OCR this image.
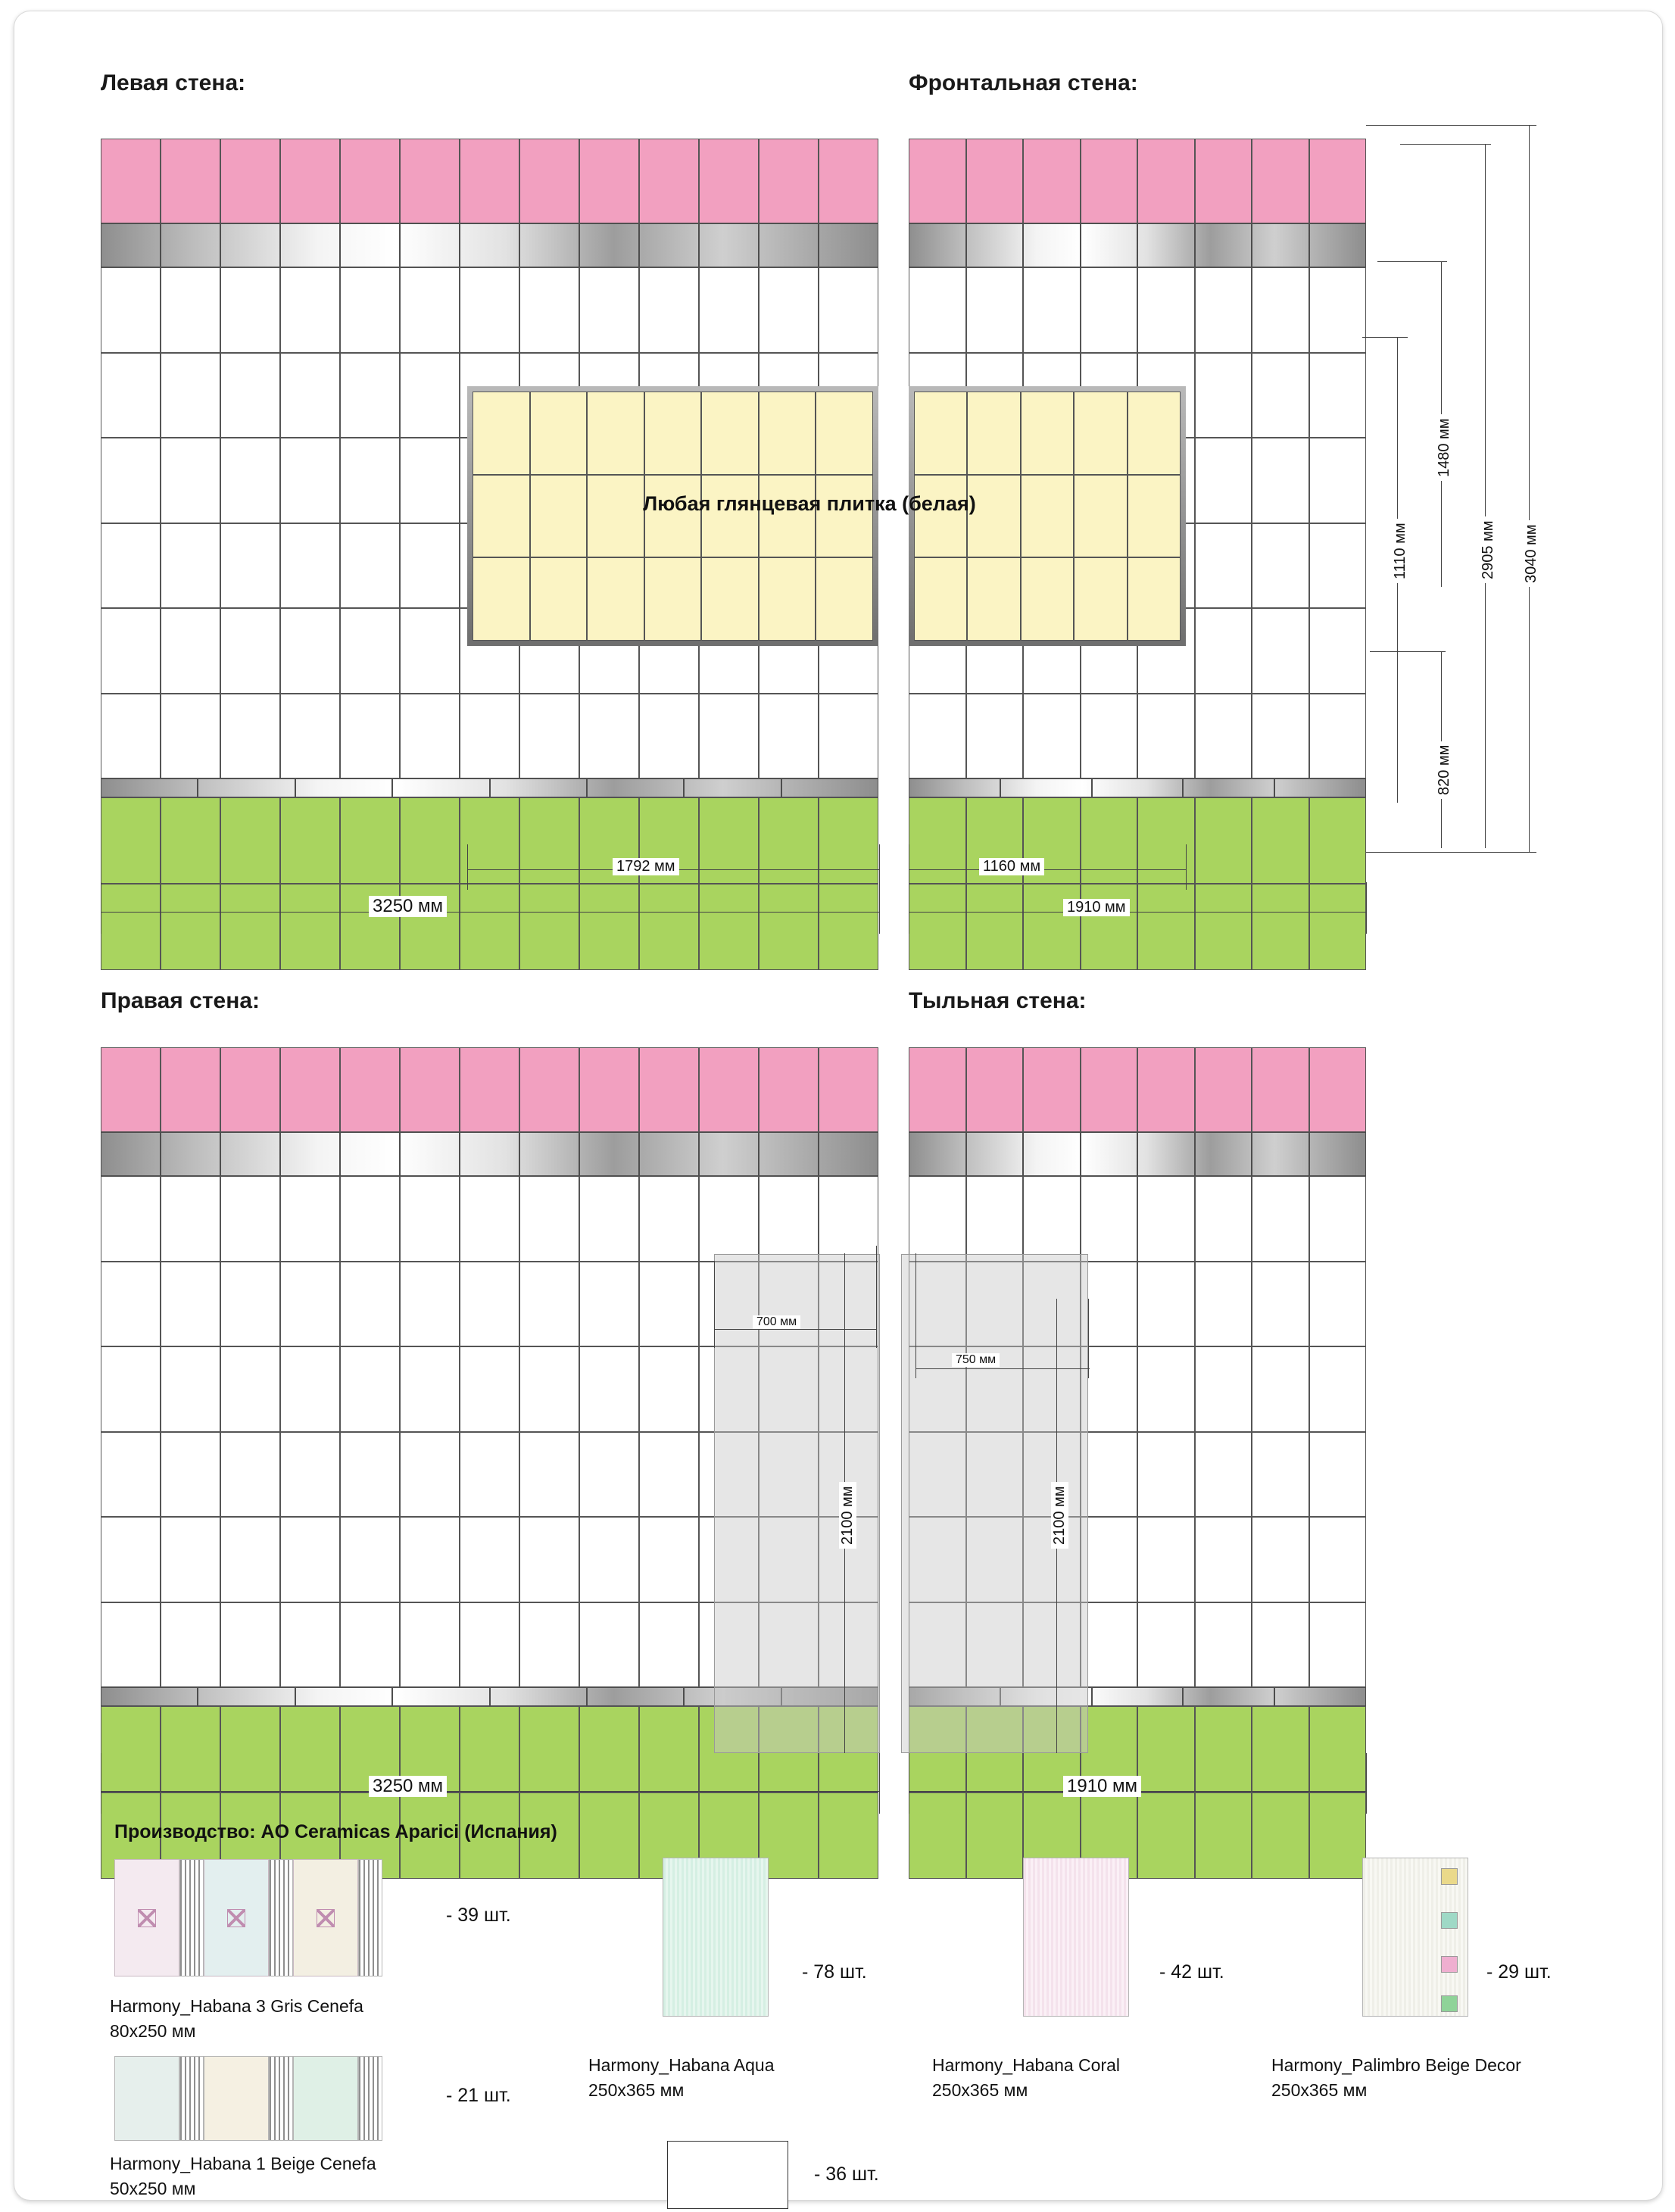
Левая стена:	Фронтальная стена:
Любая глянцевая плитка (белая)
3040 мм
2905 мм
1480 мм
1110 мм
820 мм
1792 мм
3250 мм
1160 мм
1910 мм
Правая стена:
700 мм
2100 мм
3250 мм
Тыльная стена:
750 мм
2100 мм
1910 мм
Производство: AO Ceramicas Aparici (Испания)
- 39 шт.
Harmony_Habana 3 Gris Cenefa
80x250 мм
- 21 шт.
Harmony_Habana 1 Beige Cenefa
50x250 мм
- 78 шт.
Harmony_Habana Aqua
250x365 мм
- 42 шт.
Harmony_Habana Coral
250x365 мм
- 29 шт.
Harmony_Palimbro Beige Decor
250x365 мм
- 36 шт.
